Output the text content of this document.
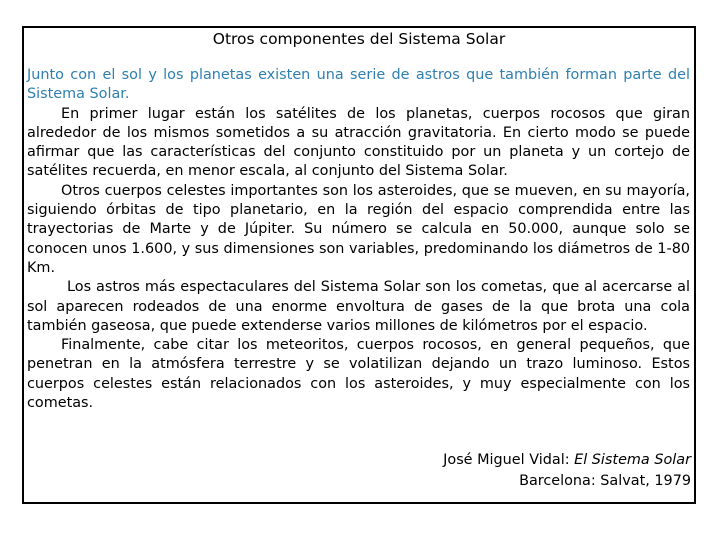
Otros componentes del Sistema Solar

Junto con el sol y los planetas existen una serie de astros que también forman parte del Sistema Solar.

En primer lugar están los satélites de los planetas, cuerpos rocosos que giran alrededor de los mismos sometidos a su atracción gravitatoria. En cierto modo se puede afirmar que las características del conjunto constituido por un planeta y un cortejo de satélites recuerda, en menor escala, al conjunto del Sistema Solar.

Otros cuerpos celestes importantes son los asteroides, que se mueven, en su mayoría, siguiendo órbitas de tipo planetario, en la región del espacio comprendida entre las trayectorias de Marte y de Júpiter. Su número se calcula en 50.000, aunque solo se conocen unos 1.600, y sus dimensiones son variables, predominando los diámetros de 1-80 Km.

Los astros más espectaculares del Sistema Solar son los cometas, que al acercarse al sol aparecen rodeados de una enorme envoltura de gases de la que brota una cola también gaseosa, que puede extenderse varios millones de kilómetros por el espacio.

Finalmente, cabe citar los meteoritos, cuerpos rocosos, en general pequeños, que penetran en la atmósfera terrestre y se volatilizan dejando un trazo luminoso. Estos cuerpos celestes están relacionados con los asteroides, y muy especialmente con los cometas.

José Miguel Vidal: El Sistema Solar
Barcelona: Salvat, 1979
